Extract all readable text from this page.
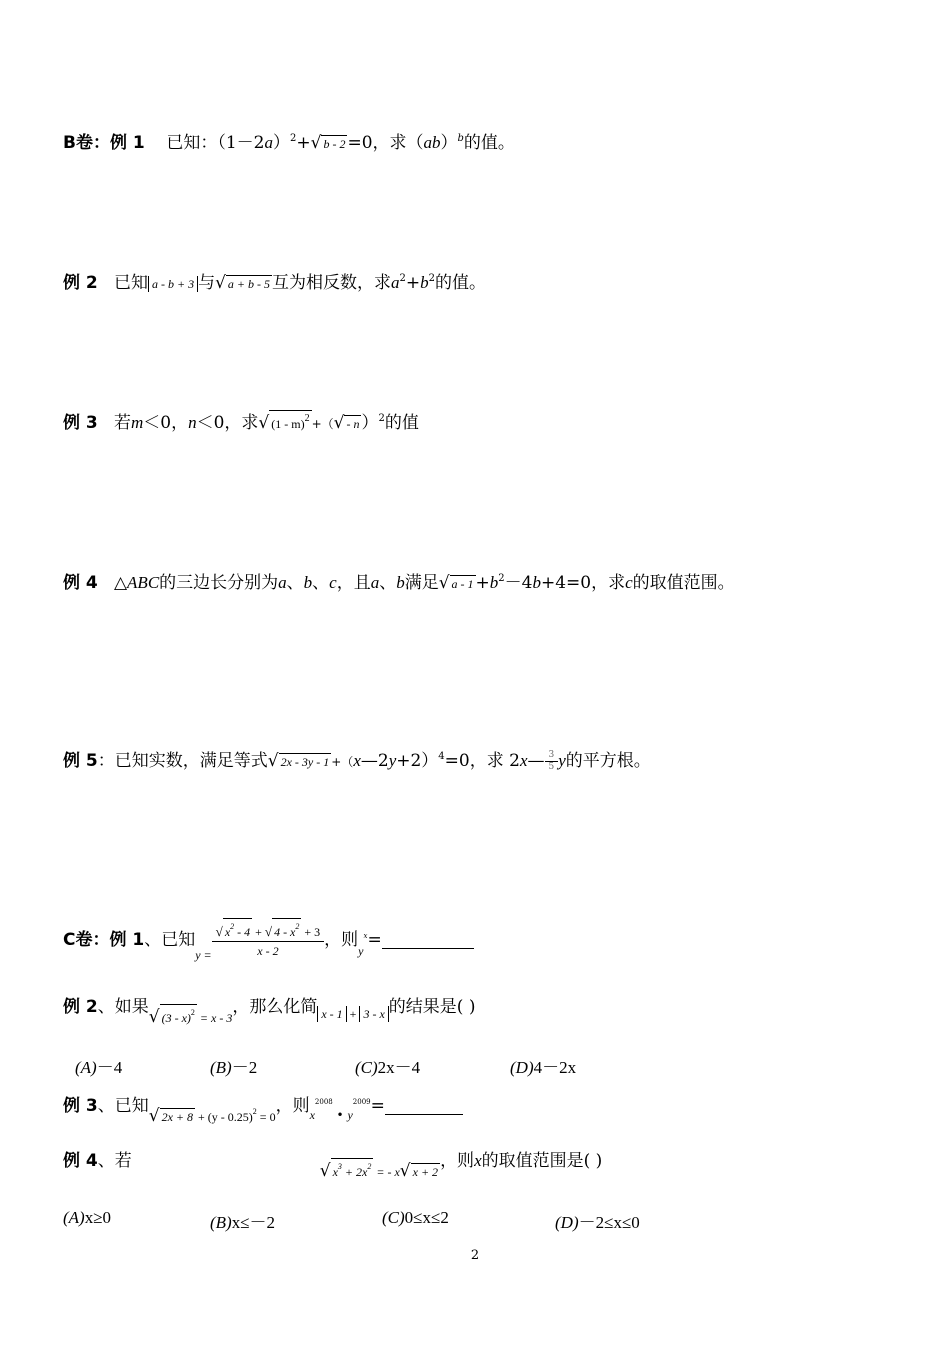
B卷：例 1 已知：$(1-2a)^2+√$ b - 2 =0，求（ab）$^b$的值。
例 2 已知 a - b + 3 与√ a + b - 5 互为相反数，求$a^2+b^2$的值。
例 3 若m＜0，n＜0，求√ (1 - m)$^2$ +（√ - n ）$^2$的值
例 4 △ABC的三边长分别为a、b、c，且a、b满足√ $a - 1 +b^2-4b+4=0$，求c的取值范围。
例 5：已知实数，满足等式√ 2x - 3y - 1 +（x—2y+2）$^4$=0，求 2x— $\frac{3}{5}$ y的平方根。
C卷：例 1、已知$_{y =} \frac{√ x^2 - 4 + √ 4 - x^2 + 3}{x - 2}$ ，则$_y^x$=
例 2、如果√ (3 - x)$^2$ $_{= x - 3}$，那么化简 x - 1 $_+$ 3 - x 的结果是( )
(A)－4	(B)－2	(C)2x－4	(D)4－2x
例 3、已知√ 2x + 8 $_{+ (y - 0.25)^2 = 0}$，则$_x^{2008}$ $_•$ $_y^{2009}$=
例 4、若	√ $x^3 + 2x^2$ $_{= - x}$√ x + 2，则x的取值范围是( )
(A)x≥0	(B)x≤－2	(C)0≤x≤2	(D)－2≤x≤0
2
